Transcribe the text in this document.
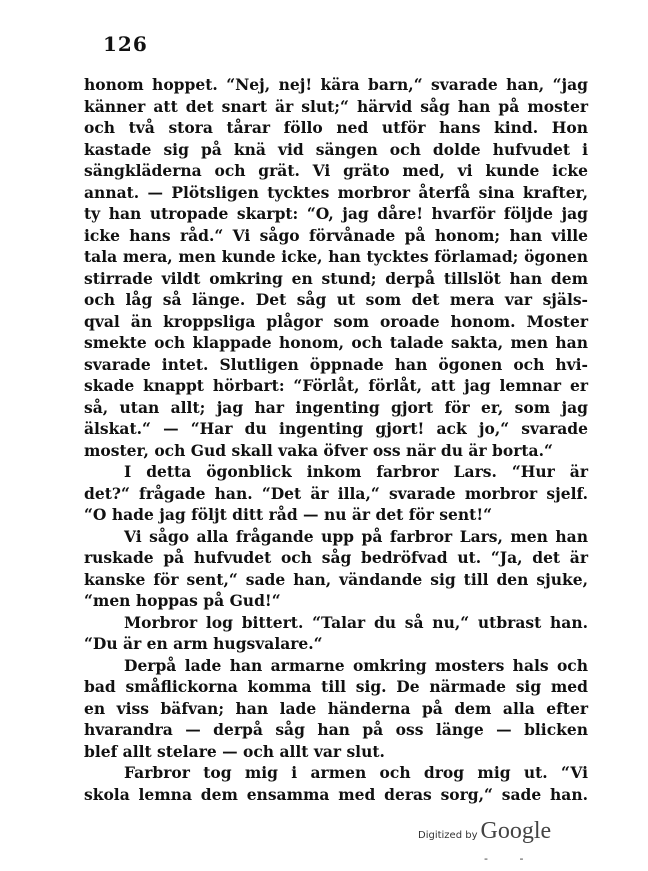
126
honom hoppet. “Nej, nej! kära barn,“ svarade han, “jag
känner att det snart är slut;“ härvid såg han på moster
och två stora tårar föllo ned utför hans kind. Hon
kastade sig på knä vid sängen och dolde hufvudet i
sängkläderna och grät. Vi gräto med, vi kunde icke
annat. — Plötsligen tycktes morbror återfå sina krafter,
ty han utropade skarpt: “O, jag dåre! hvarför följde jag
icke hans råd.“ Vi sågo förvånade på honom; han ville
tala mera, men kunde icke, han tycktes förlamad; ögonen
stirrade vildt omkring en stund; derpå tillslöt han dem
och låg så länge. Det såg ut som det mera var själs-
qval än kroppsliga plågor som oroade honom. Moster
smekte och klappade honom, och talade sakta, men han
svarade intet. Slutligen öppnade han ögonen och hvi-
skade knappt hörbart: “Förlåt, förlåt, att jag lemnar er
så, utan allt; jag har ingenting gjort för er, som jag
älskat.“ — “Har du ingenting gjort! ack jo,“ svarade
moster, och Gud skall vaka öfver oss när du är borta.“
I detta ögonblick inkom farbror Lars. “Hur är
det?“ frågade han. “Det är illa,“ svarade morbror sjelf.
“O hade jag följt ditt råd — nu är det för sent!“
Vi sågo alla frågande upp på farbror Lars, men han
ruskade på hufvudet och såg bedröfvad ut. “Ja, det är
kanske för sent,“ sade han, vändande sig till den sjuke,
“men hoppas på Gud!“
Morbror log bittert. “Talar du så nu,“ utbrast han.
“Du är en arm hugsvalare.“
Derpå lade han armarne omkring mosters hals och
bad småflickorna komma till sig. De närmade sig med
en viss bäfvan; han lade händerna på dem alla efter
hvarandra — derpå såg han på oss länge — blicken
blef allt stelare — och allt var slut.
Farbror tog mig i armen och drog mig ut. “Vi
skola lemna dem ensamma med deras sorg,“ sade han.
Digitized by Google
- -
